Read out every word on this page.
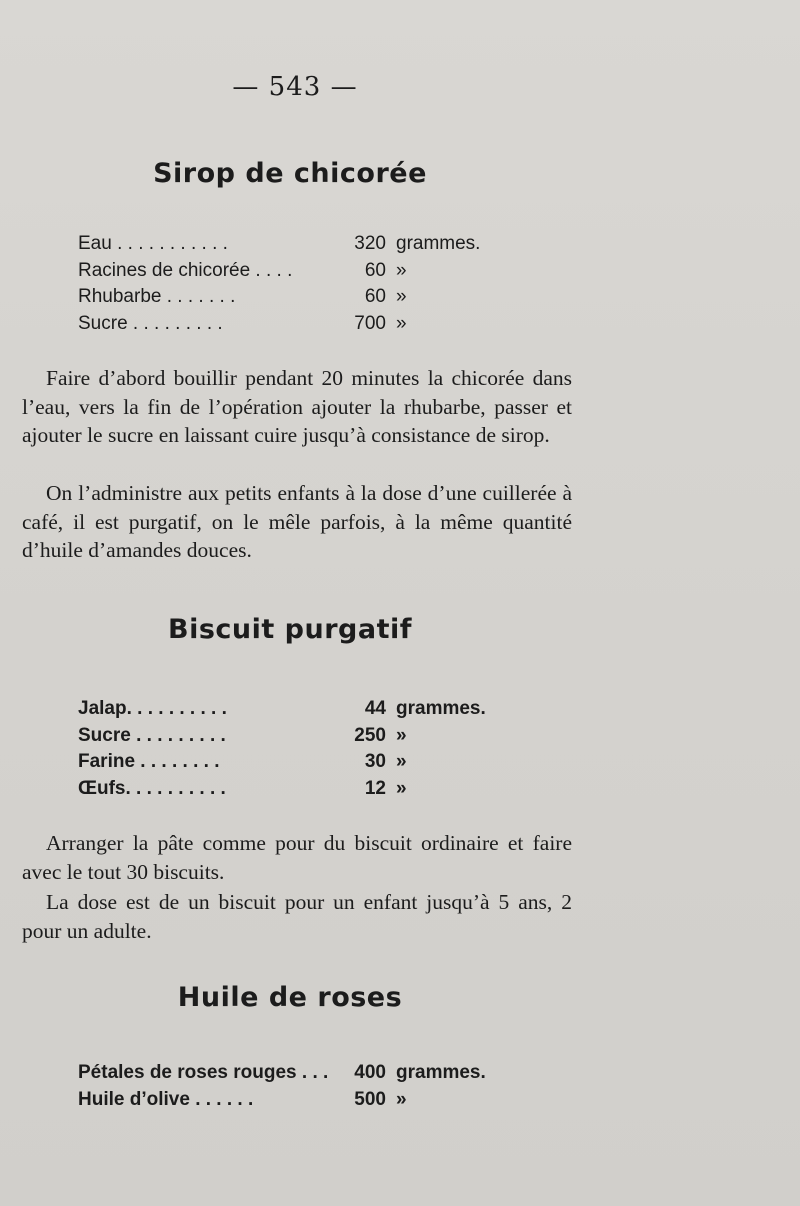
— 543 —
Sirop de chicorée
Eau . . . . . . . . . . .	320 grammes.
Racines de chicorée . . . .	60 »
Rhubarbe . . . . . . .	60 »
Sucre . . . . . . . . .	700 »

Faire d’abord bouillir pendant 20 minutes la chicorée dans l’eau, vers la fin de l’opération ajouter la rhubarbe, passer et ajouter le sucre en laissant cuire jusqu’à consistance de sirop.

On l’administre aux petits enfants à la dose d’une cuillerée à café, il est purgatif, on le mêle parfois, à la même quantité d’huile d’amandes douces.

Biscuit purgatif
Jalap. . . . . . . . . .	44 grammes.
Sucre . . . . . . . . .	250 »
Farine . . . . . . . .	30 »
Œufs. . . . . . . . . .	12 »

Arranger la pâte comme pour du biscuit ordinaire et faire avec le tout 30 biscuits.

La dose est de un biscuit pour un enfant jusqu’à 5 ans, 2 pour un adulte.

Huile de roses
Pétales de roses rouges . . .	400 grammes.
Huile d’olive . . . . . .	500 »
